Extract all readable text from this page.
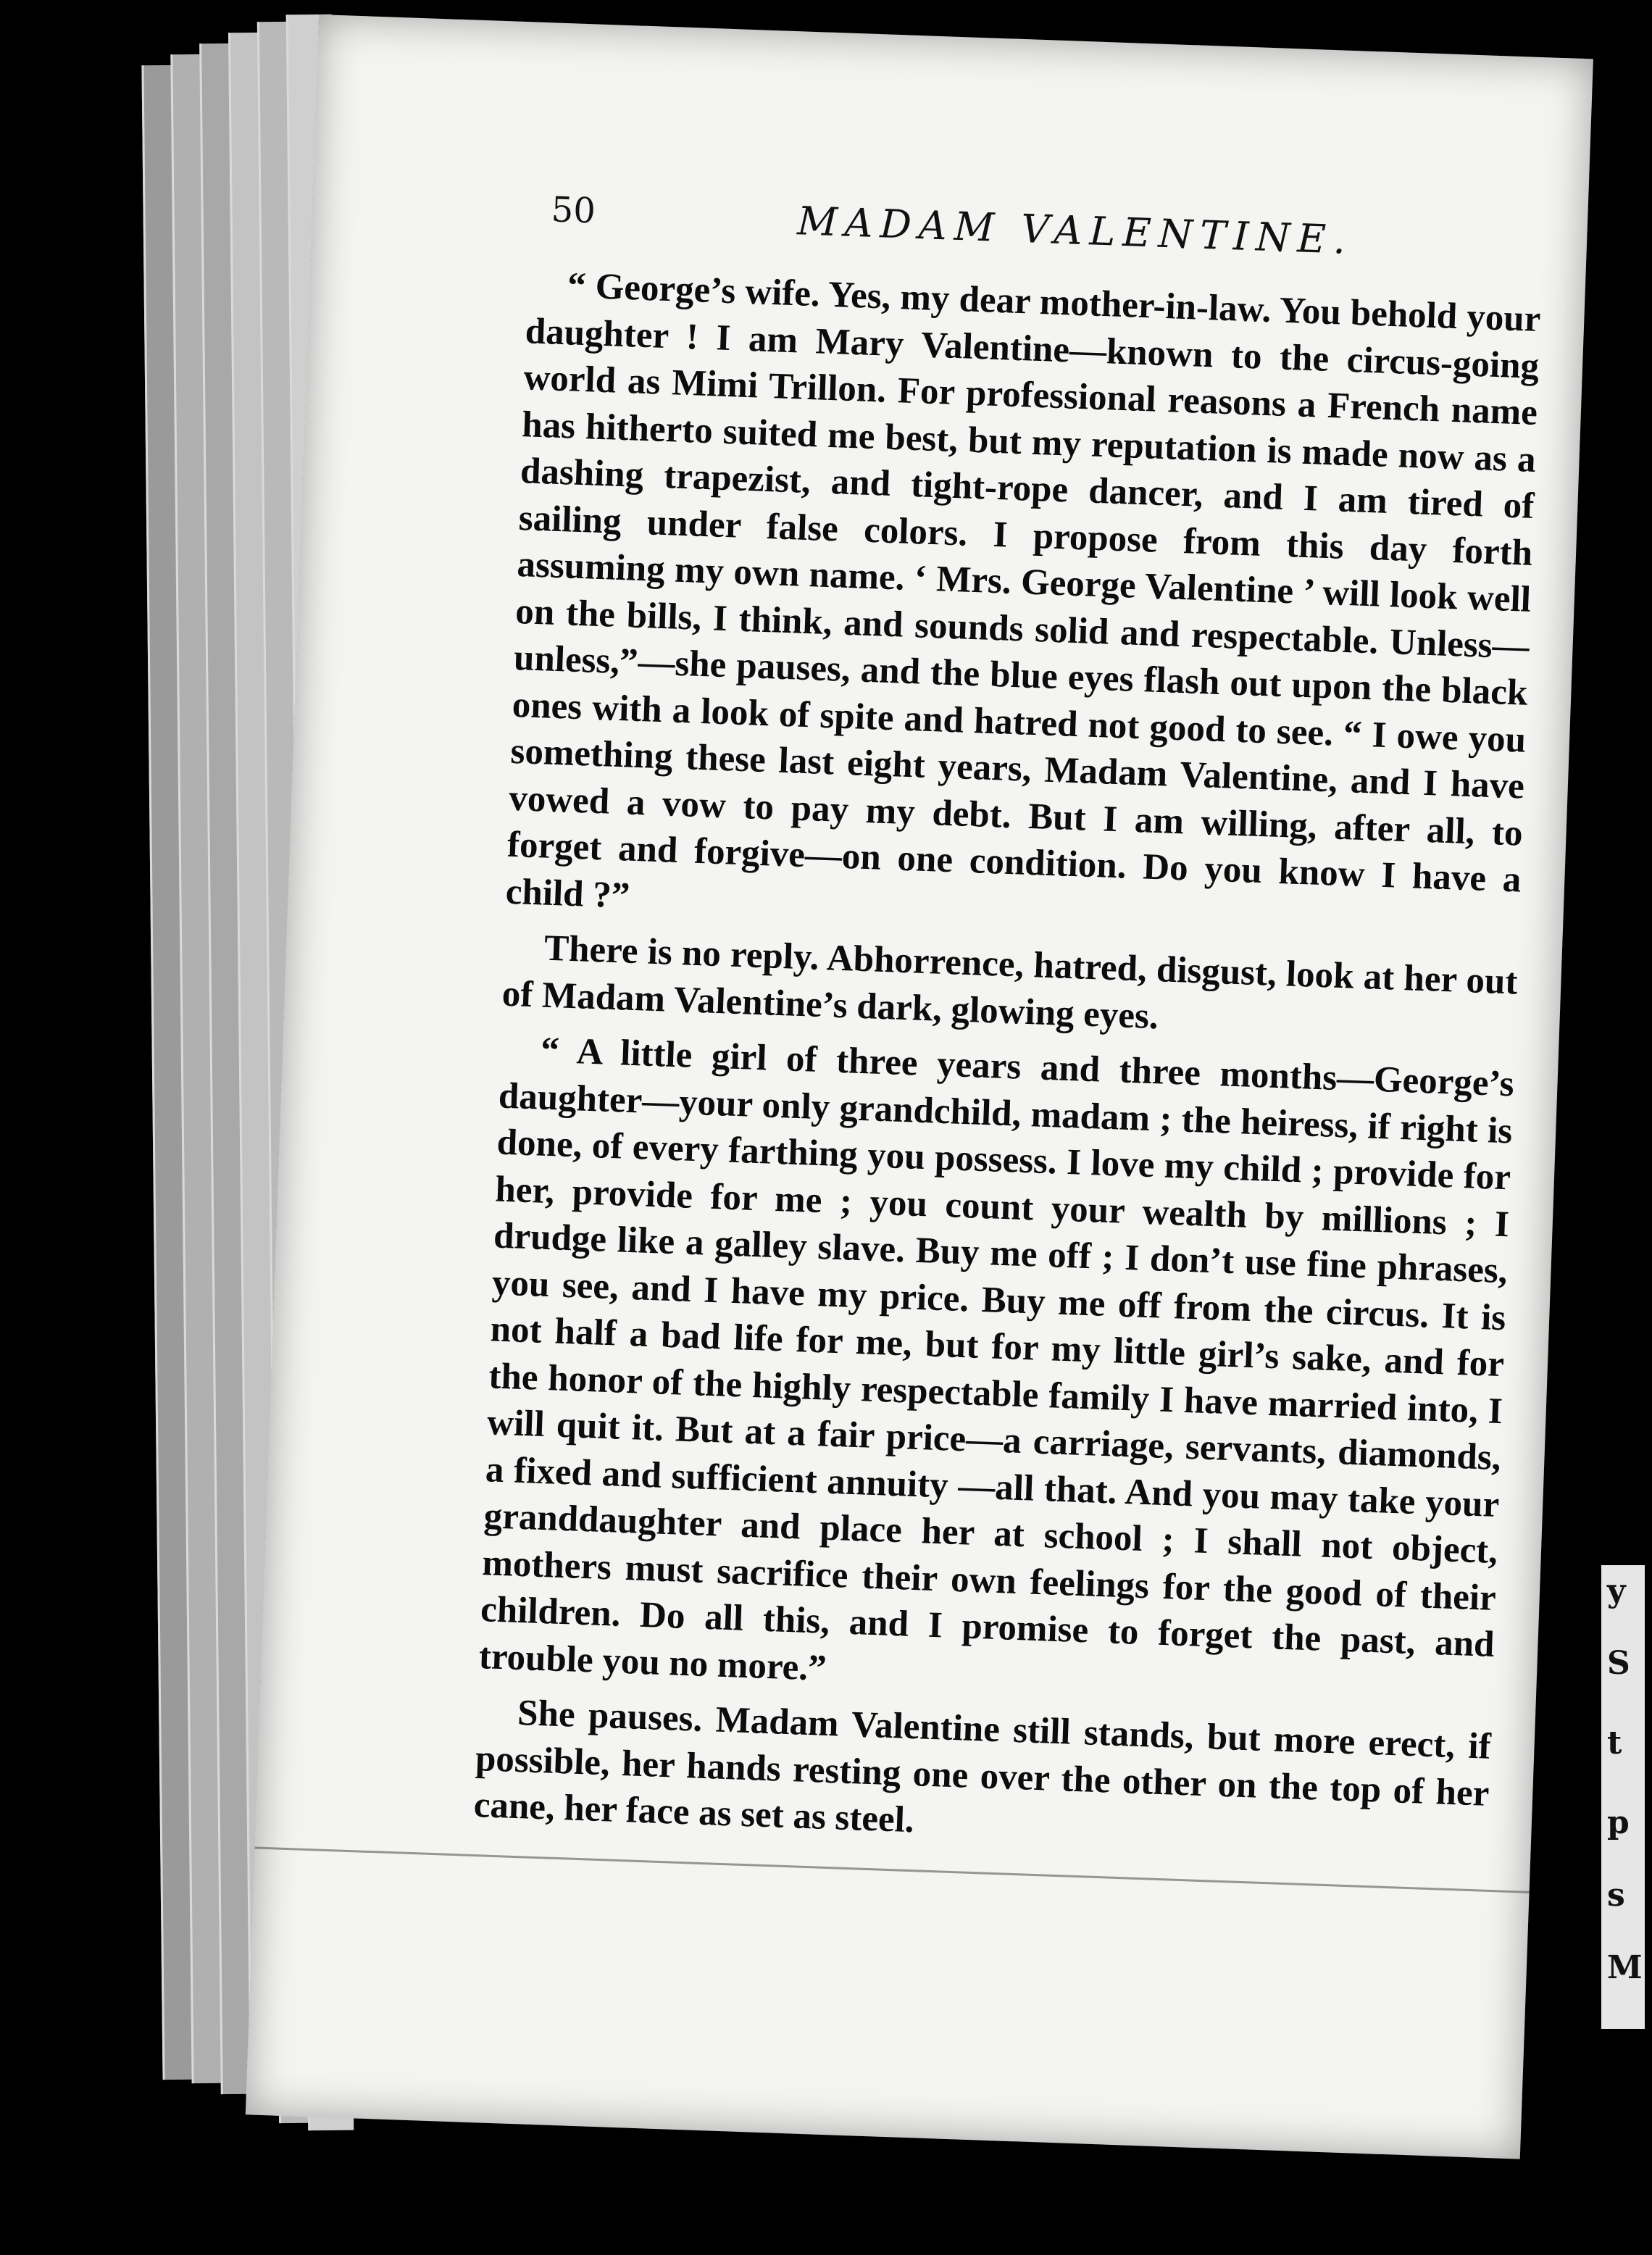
50	MADAM VALENTINE.

“ George’s wife. Yes, my dear mother-in-law. You behold your daughter ! I am Mary Valentine—known to the circus-going world as Mimi Trillon. For professional reasons a French name has hitherto suited me best, but my reputation is made now as a dashing trapezist, and tight-rope dancer, and I am tired of sailing under false colors. I propose from this day forth assuming my own name. ‘ Mrs. George Valentine ’ will look well on the bills, I think, and sounds solid and respectable. Unless—unless,”—she pauses, and the blue eyes flash out upon the black ones with a look of spite and hatred not good to see. “ I owe you something these last eight years, Madam Valentine, and I have vowed a vow to pay my debt. But I am willing, after all, to forget and forgive—on one condition. Do you know I have a child ?”

There is no reply. Abhorrence, hatred, disgust, look at her out of Madam Valentine’s dark, glowing eyes.

“ A little girl of three years and three months—George’s daughter—your only grandchild, madam ; the heiress, if right is done, of every farthing you possess. I love my child ; provide for her, provide for me ; you count your wealth by millions ; I drudge like a galley slave. Buy me off ; I don’t use fine phrases, you see, and I have my price. Buy me off from the circus. It is not half a bad life for me, but for my little girl’s sake, and for the honor of the highly respectable family I have married into, I will quit it. But at a fair price—a carriage, servants, diamonds, a fixed and sufficient annuity —all that. And you may take your granddaughter and place her at school ; I shall not object, mothers must sacrifice their own feelings for the good of their children. Do all this, and I promise to forget the past, and trouble you no more.”

She pauses. Madam Valentine still stands, but more erect, if possible, her hands resting one over the other on the top of her cane, her face as set as steel.

y
S
t
p
s
M
